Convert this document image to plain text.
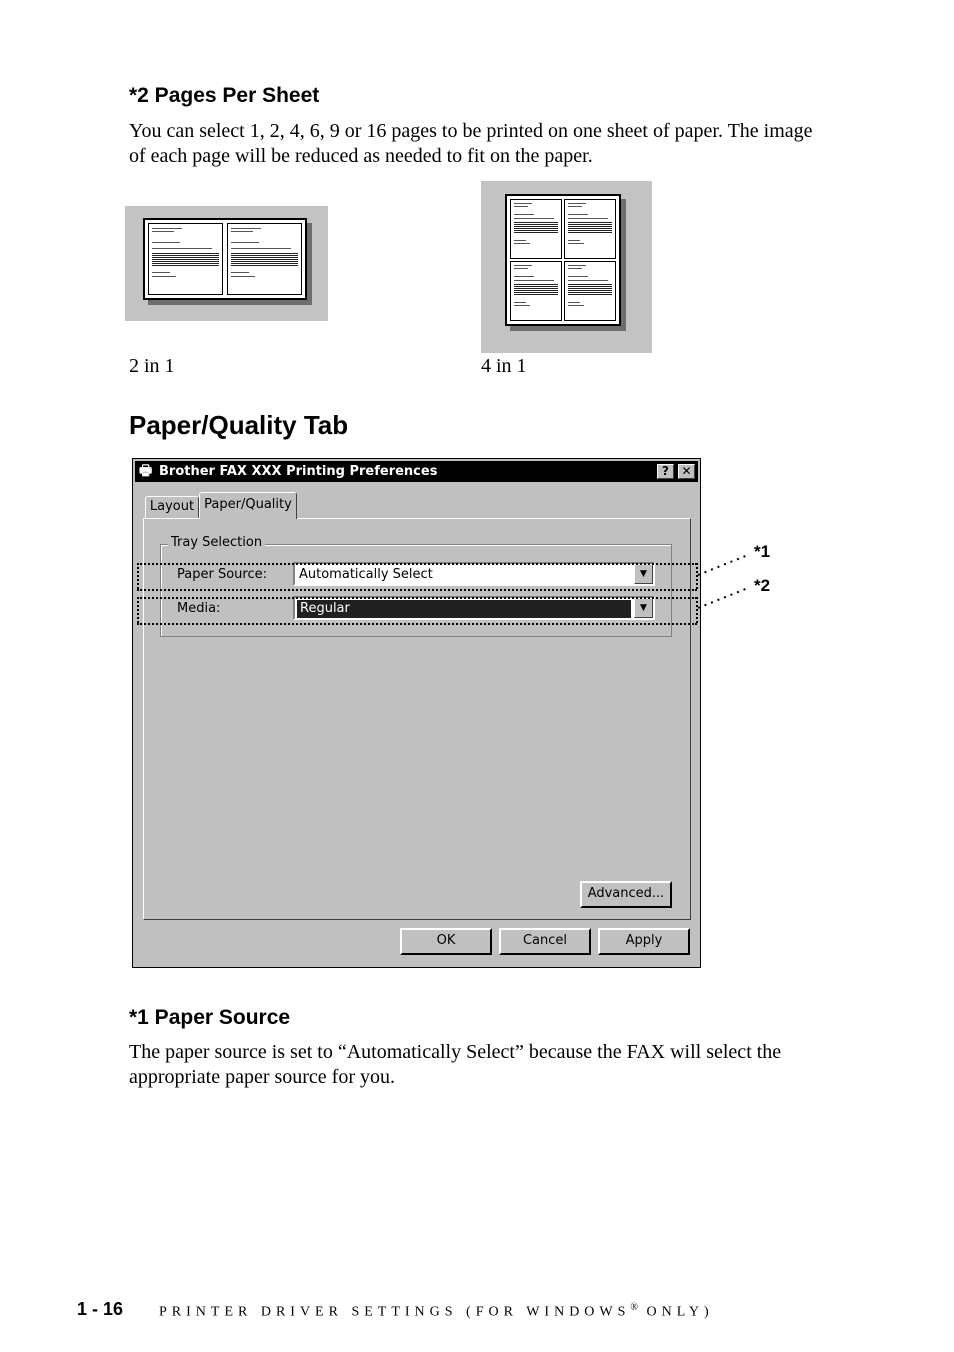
*2 Pages Per Sheet
You can select 1, 2, 4, 6, 9 or 16 pages to be printed on one sheet of paper. The image of each page will be reduced as needed to fit on the paper.
2 in 1	4 in 1
Paper/Quality Tab
🖶 Brother FAX XXX Printing Preferences	?	✕
Layout Paper/Quality
Tray Selection
Paper Source: Automatically Select	▼
Media:	Regular	▼
Advanced...
OK	Cancel	Apply
*1
*2
*1 Paper Source
The paper source is set to “Automatically Select” because the FAX will select the appropriate paper source for you.
1 - 16	PRINTER DRIVER SETTINGS (FOR WINDOWS® ONLY)
